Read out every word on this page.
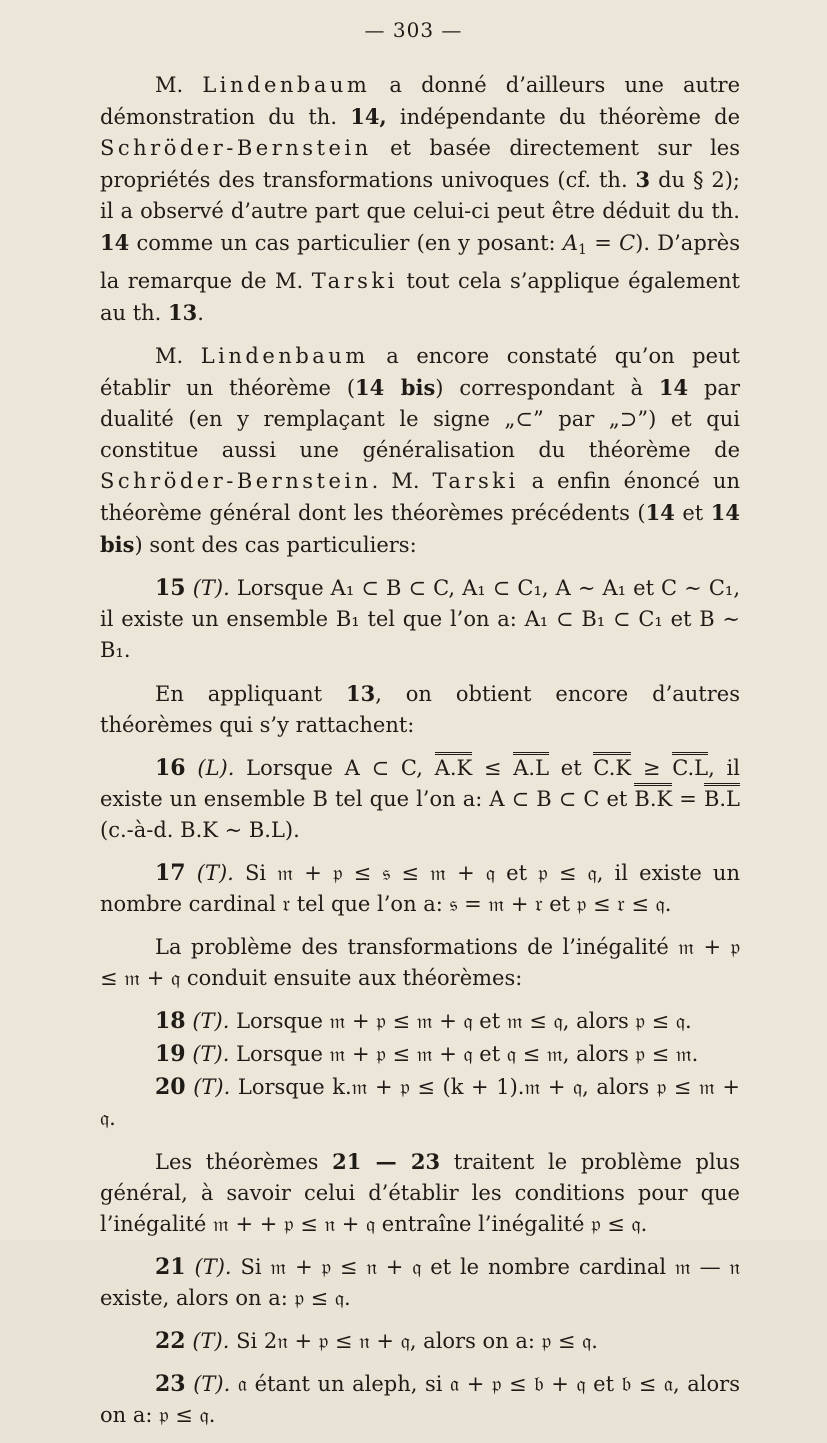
— 303 —

M. Lindenbaum a donné d’ailleurs une autre démonstration du th. 14, indépendante du théorème de Schröder-Bernstein et basée directement sur les propriétés des transformations univoques (cf. th. 3 du § 2); il a observé d’autre part que celui-ci peut être déduit du th. 14 comme un cas particulier (en y posant: $A_1 = C$). D’après la remarque de M. Tarski tout cela s’applique également au th. 13.

M. Lindenbaum a encore constaté qu’on peut établir un théorème (14 bis) correspondant à 14 par dualité (en y remplaçant le signe „⊂” par „⊃”) et qui constitue aussi une généralisation du théorème de Schröder-Bernstein. M. Tarski a enfin énoncé un théorème général dont les théorèmes précédents (14 et 14 bis) sont des cas particuliers:

15 (T). Lorsque A₁ ⊂ B ⊂ C, A₁ ⊂ C₁, A ∼ A₁ et C ∼ C₁, il existe un ensemble B₁ tel que l’on a: A₁ ⊂ B₁ ⊂ C₁ et B ∼ B₁.

En appliquant 13, on obtient encore d’autres théorèmes qui s’y rattachent:

16 (L). Lorsque A ⊂ C, A.K ≤ A.L et C.K ≥ C.L, il existe un ensemble B tel que l’on a: A ⊂ B ⊂ C et B.K = B.L (c.-à-d. B.K ∼ B.L).

17 (T). Si 𝔪 + 𝔭 ≤ 𝔰 ≤ 𝔪 + 𝔮 et 𝔭 ≤ 𝔮, il existe un nombre cardinal 𝔯 tel que l’on a: 𝔰 = 𝔪 + 𝔯 et 𝔭 ≤ 𝔯 ≤ 𝔮.

La problème des transformations de l’inégalité 𝔪 + 𝔭 ≤ 𝔪 + 𝔮 conduit ensuite aux théorèmes:

18 (T). Lorsque 𝔪 + 𝔭 ≤ 𝔪 + 𝔮 et 𝔪 ≤ 𝔮, alors 𝔭 ≤ 𝔮.

19 (T). Lorsque 𝔪 + 𝔭 ≤ 𝔪 + 𝔮 et 𝔮 ≤ 𝔪, alors 𝔭 ≤ 𝔪.

20 (T). Lorsque k.𝔪 + 𝔭 ≤ (k + 1).𝔪 + 𝔮, alors 𝔭 ≤ 𝔪 + 𝔮.

Les théorèmes 21 — 23 traitent le problème plus général, à savoir celui d’établir les conditions pour que l’inégalité 𝔪 + + 𝔭 ≤ 𝔫 + 𝔮 entraîne l’inégalité 𝔭 ≤ 𝔮.

21 (T). Si 𝔪 + 𝔭 ≤ 𝔫 + 𝔮 et le nombre cardinal 𝔪 — 𝔫 existe, alors on a: 𝔭 ≤ 𝔮.

22 (T). Si 2𝔫 + 𝔭 ≤ 𝔫 + 𝔮, alors on a: 𝔭 ≤ 𝔮.

23 (T). 𝔞 étant un aleph, si 𝔞 + 𝔭 ≤ 𝔟 + 𝔮 et 𝔟 ≤ 𝔞, alors on a: 𝔭 ≤ 𝔮.
